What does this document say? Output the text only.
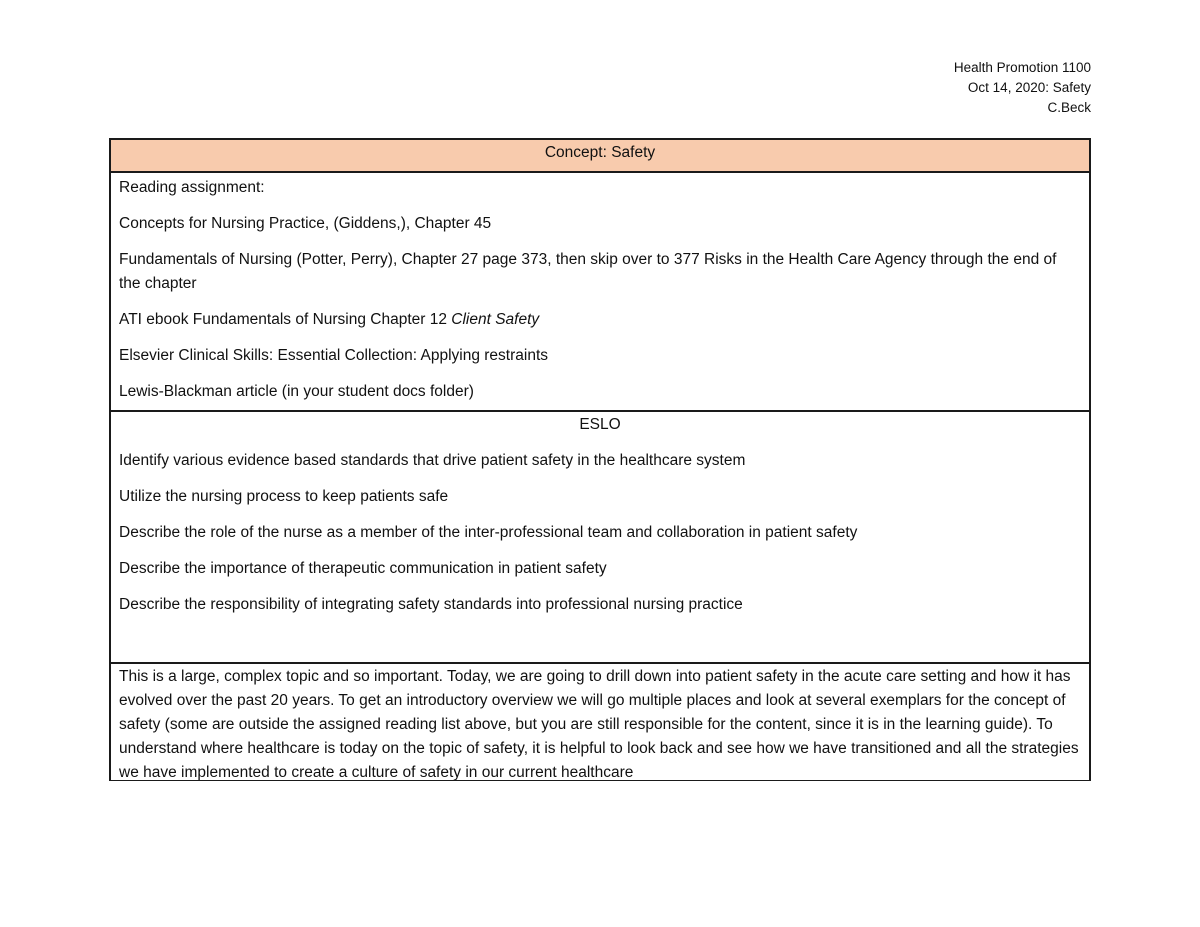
Health Promotion 1100
Oct 14, 2020: Safety
C.Beck
Concept: Safety

Reading assignment:

Concepts for Nursing Practice, (Giddens,), Chapter 45

Fundamentals of Nursing (Potter, Perry), Chapter 27 page 373, then skip over to 377 Risks in the Health Care Agency through the end of the chapter

ATI ebook Fundamentals of Nursing Chapter 12 Client Safety

Elsevier Clinical Skills: Essential Collection: Applying restraints

Lewis-Blackman article (in your student docs folder)

ESLO

Identify various evidence based standards that drive patient safety in the healthcare system

Utilize the nursing process to keep patients safe

Describe the role of the nurse as a member of the inter-professional team and collaboration in patient safety

Describe the importance of therapeutic communication in patient safety

Describe the responsibility of integrating safety standards into professional nursing practice

This is a large, complex topic and so important. Today, we are going to drill down into patient safety in the acute care setting and how it has evolved over the past 20 years. To get an introductory overview we will go multiple places and look at several exemplars for the concept of safety (some are outside the assigned reading list above, but you are still responsible for the content, since it is in the learning guide). To understand where healthcare is today on the topic of safety, it is helpful to look back and see how we have transitioned and all the strategies we have implemented to create a culture of safety in our current healthcare
